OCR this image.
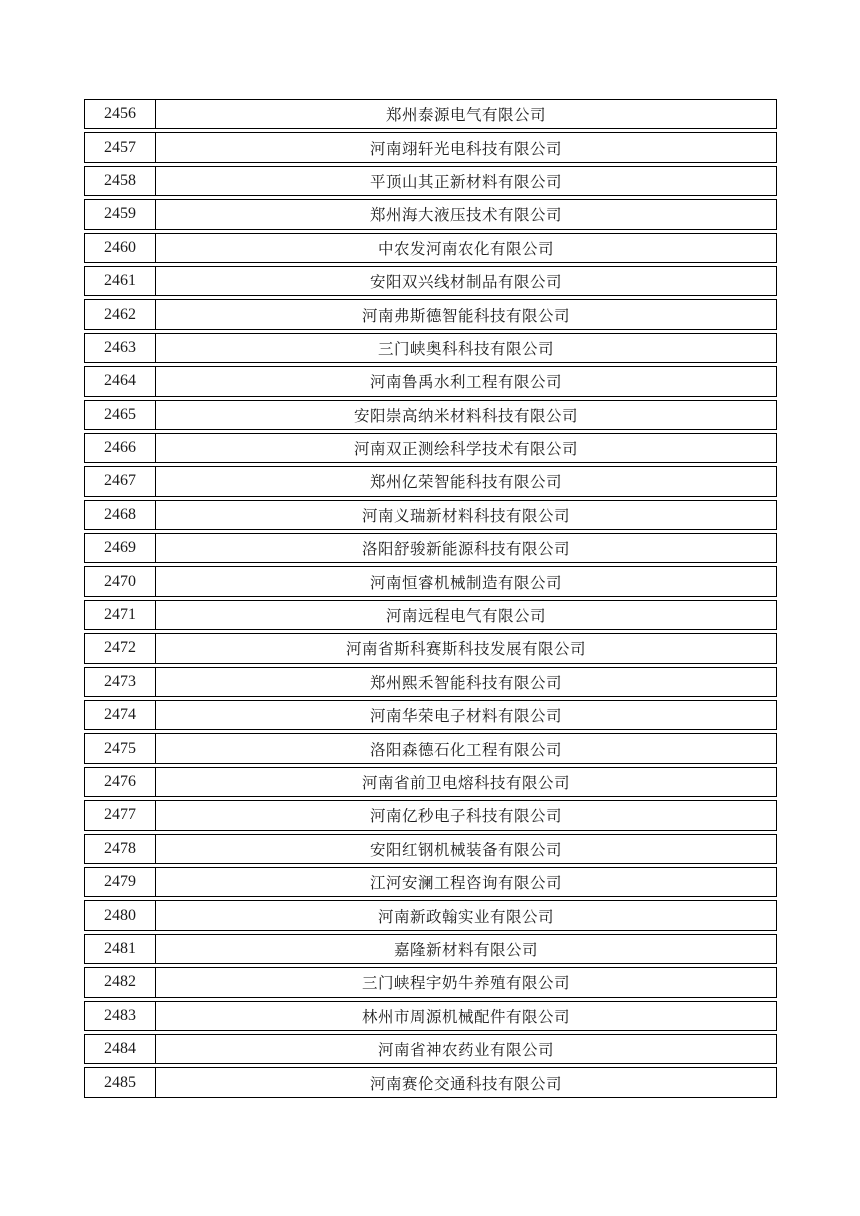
2456	郑州泰源电气有限公司
2457	河南翊轩光电科技有限公司
2458	平顶山其正新材料有限公司
2459	郑州海大液压技术有限公司
2460	中农发河南农化有限公司
2461	安阳双兴线材制品有限公司
2462	河南弗斯德智能科技有限公司
2463	三门峡奥科科技有限公司
2464	河南鲁禹水利工程有限公司
2465	安阳崇高纳米材料科技有限公司
2466	河南双正测绘科学技术有限公司
2467	郑州亿荣智能科技有限公司
2468	河南义瑞新材料科技有限公司
2469	洛阳舒骏新能源科技有限公司
2470	河南恒睿机械制造有限公司
2471	河南远程电气有限公司
2472	河南省斯科赛斯科技发展有限公司
2473	郑州熙禾智能科技有限公司
2474	河南华荣电子材料有限公司
2475	洛阳森德石化工程有限公司
2476	河南省前卫电熔科技有限公司
2477	河南亿秒电子科技有限公司
2478	安阳红钢机械装备有限公司
2479	江河安澜工程咨询有限公司
2480	河南新政翰实业有限公司
2481	嘉隆新材料有限公司
2482	三门峡程宇奶牛养殖有限公司
2483	林州市周源机械配件有限公司
2484	河南省神农药业有限公司
2485	河南赛伦交通科技有限公司
